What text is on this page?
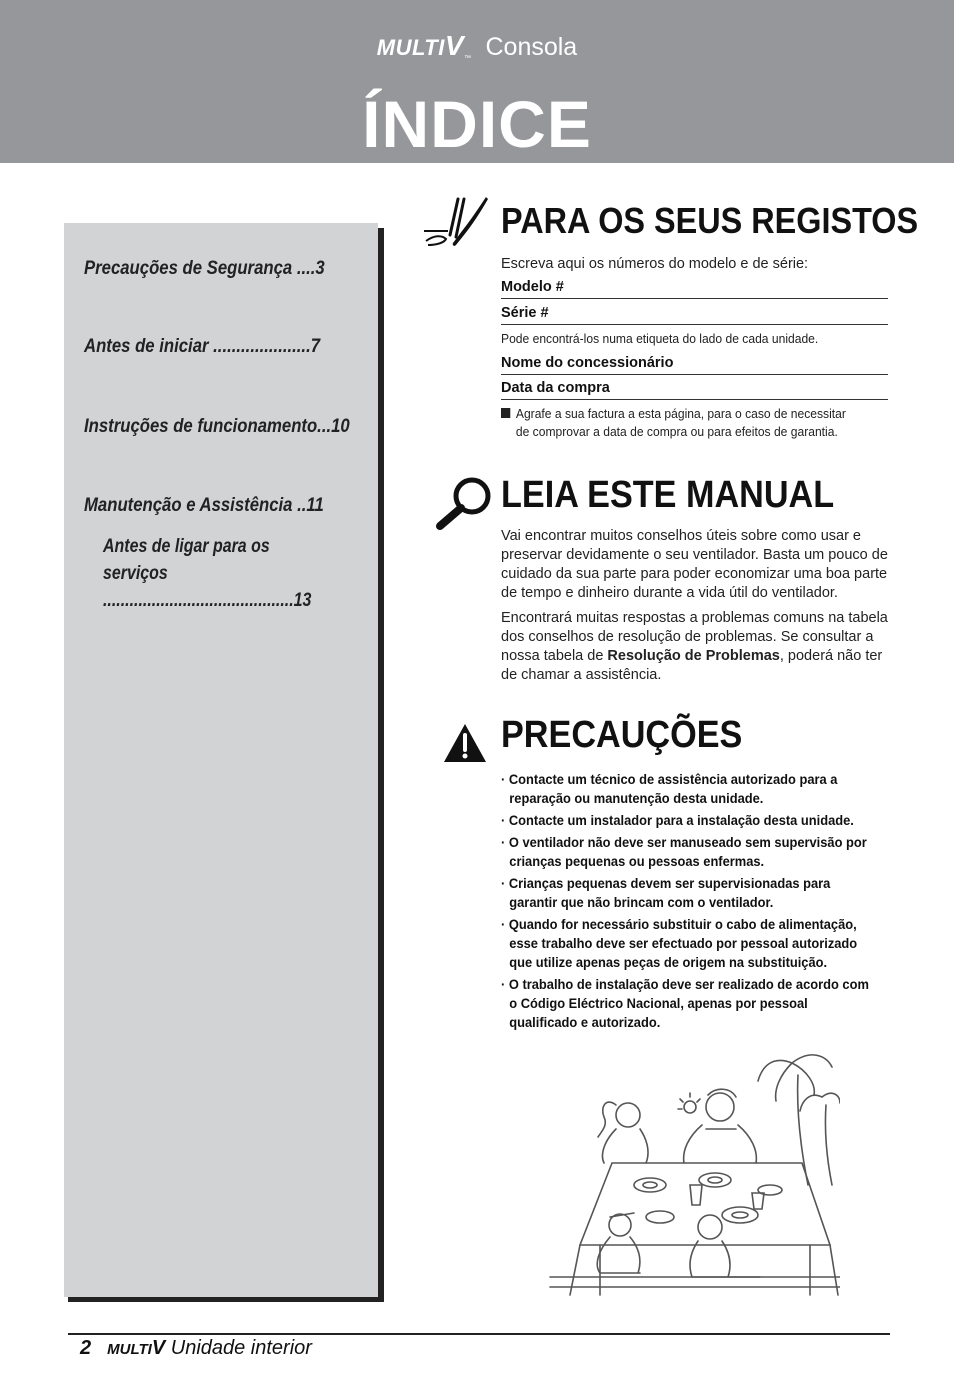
MULTIV™ Consola
ÍNDICE
Precauções de Segurança ....3
Antes de iniciar .....................7
Instruções de funcionamento...10
Manutenção e Assistência ..11
Antes de ligar para os serviços
...........................................13
PARA OS SEUS REGISTOS
Escreva aqui os números do modelo e de série:
Modelo #
Série #
Pode encontrá-los numa etiqueta do lado de cada unidade.
Nome do concessionário
Data da compra
Agrafe a sua factura a esta página, para o caso de necessitar
de comprovar a data de compra ou para efeitos de garantia.
LEIA ESTE MANUAL
Vai encontrar muitos conselhos úteis sobre como usar e preservar devidamente o seu ventilador. Basta um pouco de cuidado da sua parte para poder economizar uma boa parte de tempo e dinheiro durante a vida útil do ventilador.
Encontrará muitas respostas a problemas comuns na tabela dos conselhos de resolução de problemas. Se consultar a nossa tabela de Resolução de Problemas, poderá não ter de chamar a assistência.
PRECAUÇÕES
· Contacte um técnico de assistência autorizado para a reparação ou manutenção desta unidade.
· Contacte um instalador para a instalação desta unidade.
· O ventilador não deve ser manuseado sem supervisão por crianças pequenas ou pessoas enfermas.
· Crianças pequenas devem ser supervisionadas para garantir que não brincam com o ventilador.
· Quando for necessário substituir o cabo de alimentação, esse trabalho deve ser efectuado por pessoal autorizado que utilize apenas peças de origem na substituição.
· O trabalho de instalação deve ser realizado de acordo com o Código Eléctrico Nacional, apenas por pessoal qualificado e autorizado.
2 MULTIV Unidade interior
